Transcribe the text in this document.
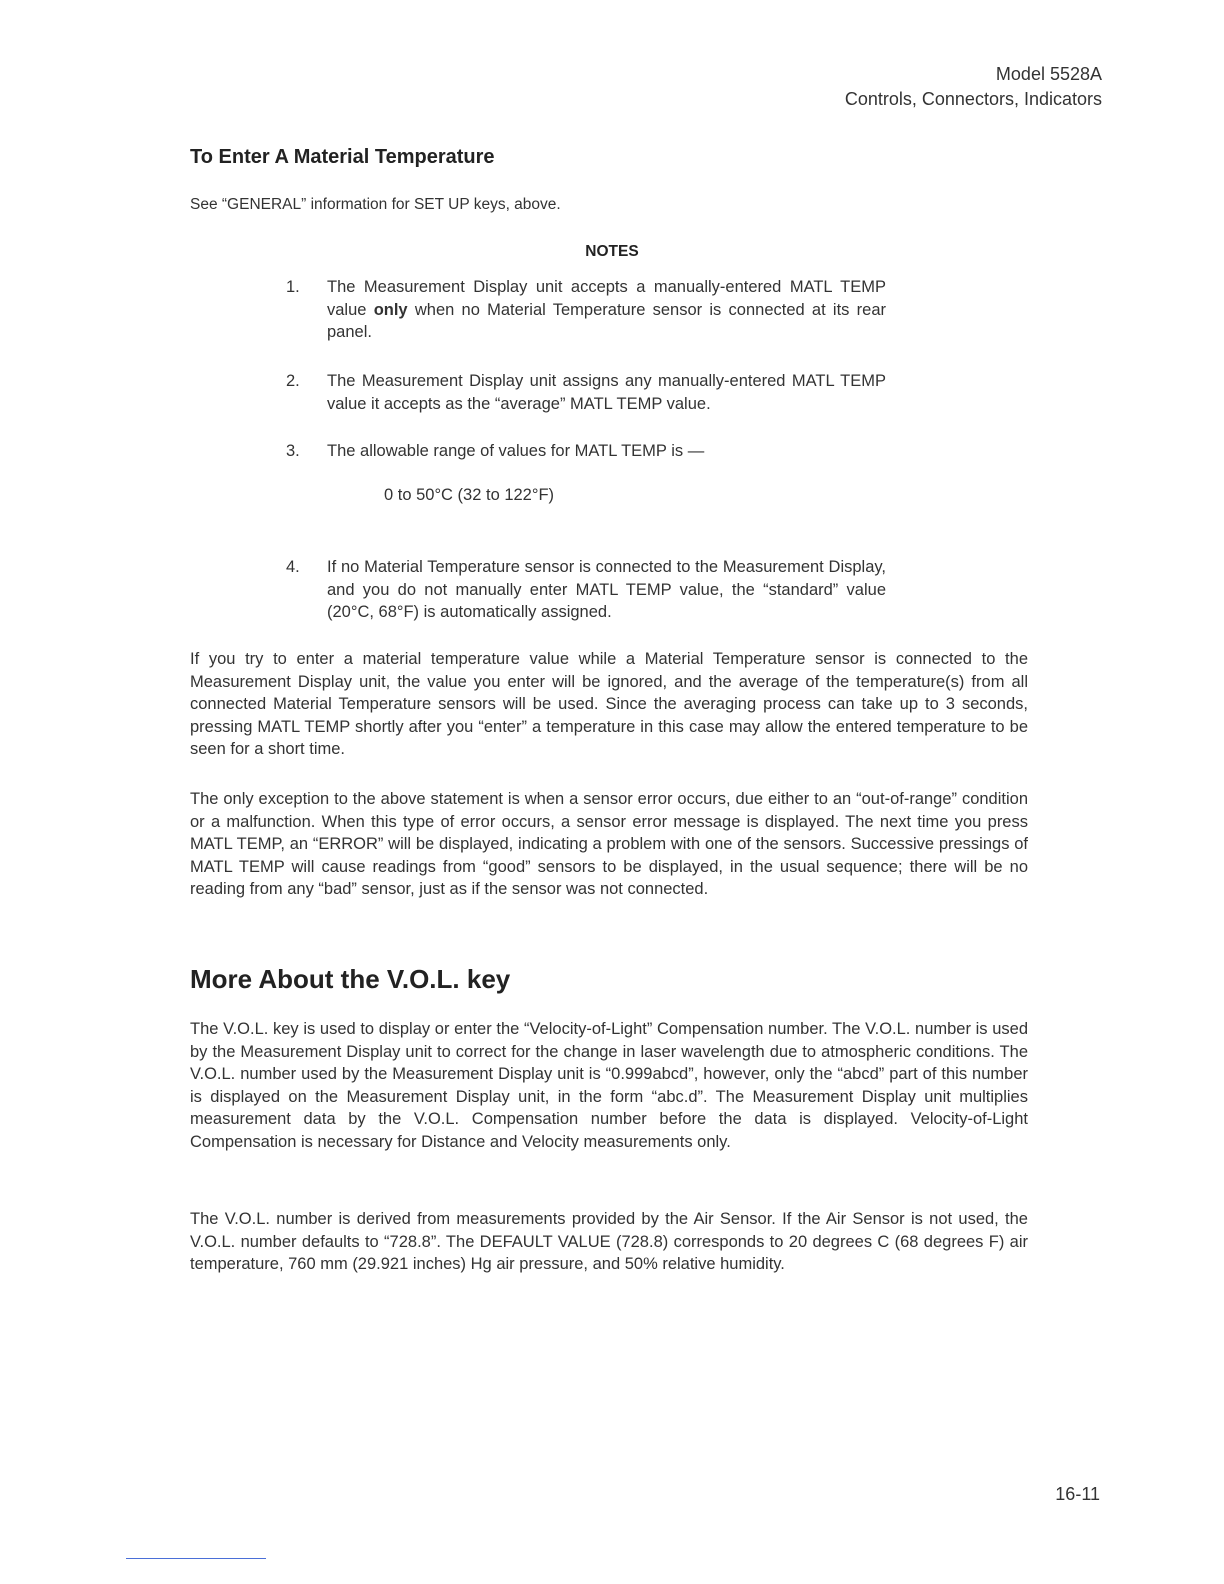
Model 5528A
Controls, Connectors, Indicators
To Enter A Material Temperature

See “GENERAL” information for SET UP keys, above.

NOTES

1.	The Measurement Display unit accepts a manually-entered MATL TEMP value only when no Material Temperature sensor is connected at its rear panel.
2.	The Measurement Display unit assigns any manually-entered MATL TEMP value it accepts as the “average” MATL TEMP value.
3.	The allowable range of values for MATL TEMP is —
0 to 50°C (32 to 122°F)
4.	If no Material Temperature sensor is connected to the Measurement Display, and you do not manually enter MATL TEMP value, the “standard” value (20°C, 68°F) is automatically assigned.

If you try to enter a material temperature value while a Material Temperature sensor is connected to the Measurement Display unit, the value you enter will be ignored, and the average of the temperature(s) from all connected Material Temperature sensors will be used. Since the averaging process can take up to 3 seconds, pressing MATL TEMP shortly after you “enter” a temperature in this case may allow the entered temperature to be seen for a short time.

The only exception to the above statement is when a sensor error occurs, due either to an “out-of-range” condition or a malfunction. When this type of error occurs, a sensor error message is displayed. The next time you press MATL TEMP, an “ERROR” will be displayed, indicating a problem with one of the sensors. Successive pressings of MATL TEMP will cause readings from “good” sensors to be displayed, in the usual sequence; there will be no reading from any “bad” sensor, just as if the sensor was not connected.

More About the V.O.L. key

The V.O.L. key is used to display or enter the “Velocity-of-Light” Compensation number. The V.O.L. number is used by the Measurement Display unit to correct for the change in laser wavelength due to atmospheric conditions. The V.O.L. number used by the Measurement Display unit is “0.999abcd”, however, only the “abcd” part of this number is displayed on the Measurement Display unit, in the form “abc.d”. The Measurement Display unit multiplies measurement data by the V.O.L. Compensation number before the data is displayed. Velocity-of-Light Compensation is necessary for Distance and Velocity measurements only.

The V.O.L. number is derived from measurements provided by the Air Sensor. If the Air Sensor is not used, the V.O.L. number defaults to “728.8”. The DEFAULT VALUE (728.8) corresponds to 20 degrees C (68 degrees F) air temperature, 760 mm (29.921 inches) Hg air pressure, and 50% relative humidity.

16-11
